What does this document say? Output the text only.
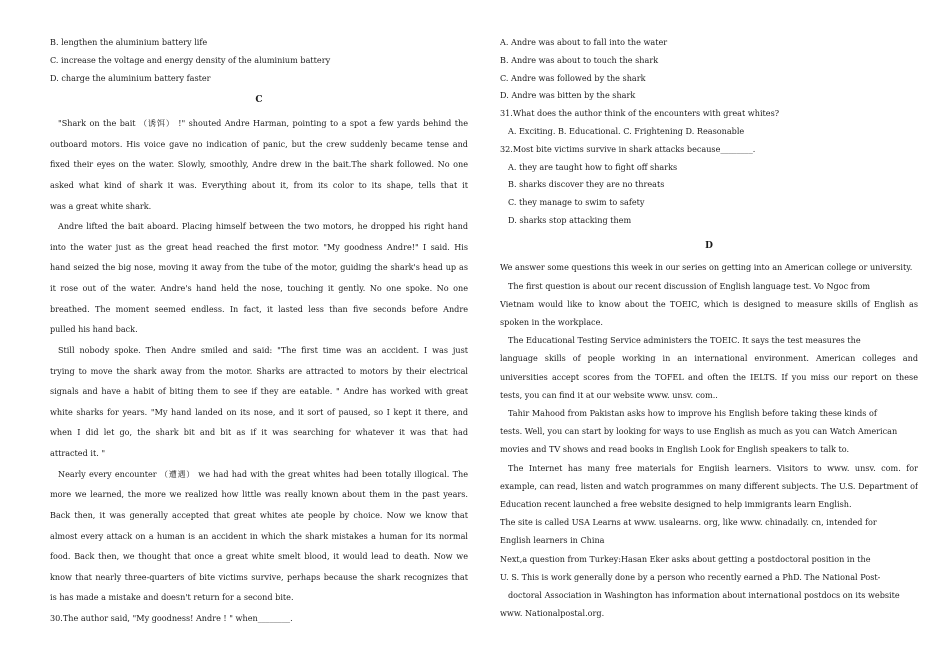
B. lengthen the aluminium battery life
C. increase the voltage and energy density of the aluminium battery
D. charge the aluminium battery faster
C
"Shark on the bait （诱饵） !" shouted Andre Harman, pointing to a spot a few yards behind the
outboard motors. His voice gave no indication of panic, but the crew suddenly became tense and
fixed their eyes on the water. Slowly, smoothly, Andre drew in the bait.The shark followed. No one
asked what kind of shark it was. Everything about it, from its color to its shape, tells that it
was a great white shark.
Andre lifted the bait aboard. Placing himself between the two motors, he dropped his right hand
into the water just as the great head reached the first motor. "My goodness Andre!" I said. His
hand seized the big nose, moving it away from the tube of the motor, guiding the shark's head up as
it rose out of the water. Andre's hand held the nose, touching it gently. No one spoke. No one
breathed. The moment seemed endless. In fact, it lasted less than five seconds before Andre
pulled his hand back.
Still nobody spoke. Then Andre smiled and said: "The first time was an accident. I was just
trying to move the shark away from the motor. Sharks are attracted to motors by their electrical
signals and have a habit of biting them to see if they are eatable. " Andre has worked with great
white sharks for years. "My hand landed on its nose, and it sort of paused, so I kept it there, and
when I did let go, the shark bit and bit as if it was searching for whatever it was that had
attracted it. "
Nearly every encounter （遭遇） we had had with the great whites had been totally illogical. The
more we learned, the more we realized how little was really known about them in the past years.
Back then, it was generally accepted that great whites ate people by choice. Now we know that
almost every attack on a human is an accident in which the shark mistakes a human for its normal
food. Back then, we thought that once a great white smelt blood, it would lead to death. Now we
know that nearly three-quarters of bite victims survive, perhaps because the shark recognizes that
is has made a mistake and doesn't return for a second bite.
30.The author said, "My goodness! Andre ! " when________.
A. Andre was about to fall into the water
B. Andre was about to touch the shark
C. Andre was followed by the shark
D. Andre was bitten by the shark
31.What does the author think of the encounters with great whites?
A. Exciting. B. Educational. C. Frightening D. Reasonable
32.Most bite victims survive in shark attacks because________.
A. they are taught how to fight off sharks
B. sharks discover they are no threats
C. they manage to swim to safety
D. sharks stop attacking them
D
We answer some questions this week in our series on getting into an American college or university.
The first question is about our recent discussion of English language test. Vo Ngoc from
Vietnam would like to know about the TOEIC, which is designed to measure skills of English as
spoken in the workplace.
The Educational Testing Service administers the TOEIC. It says the test measures the
language skills of people working in an international environment. American colleges and
universities accept scores from the TOFEL and often the IELTS. If you miss our report on these
tests, you can find it at our website www. unsv. com..
Tahir Mahood from Pakistan asks how to improve his English before taking these kinds of
tests. Well, you can start by looking for ways to use English as much as you can Watch American
movies and TV shows and read books in English Look for English speakers to talk to.
The Internet has many free materials for Engiish learners. Visitors to www. unsv. com. for
example, can read, listen and watch programmes on many different subjects. The U.S. Department of
Education recent launched a free website designed to help immigrants learn English.
The site is called USA Learns at www. usalearns. org, like www. chinadaily. cn, intended for
English learners in China
Next,a question from Turkey:Hasan Eker asks about getting a postdoctoral position in the
U. S. This is work generally done by a person who recently earned a PhD. The National Post-
doctoral Association in Washington has information about international postdocs on its website
www. Nationalpostal.org.
